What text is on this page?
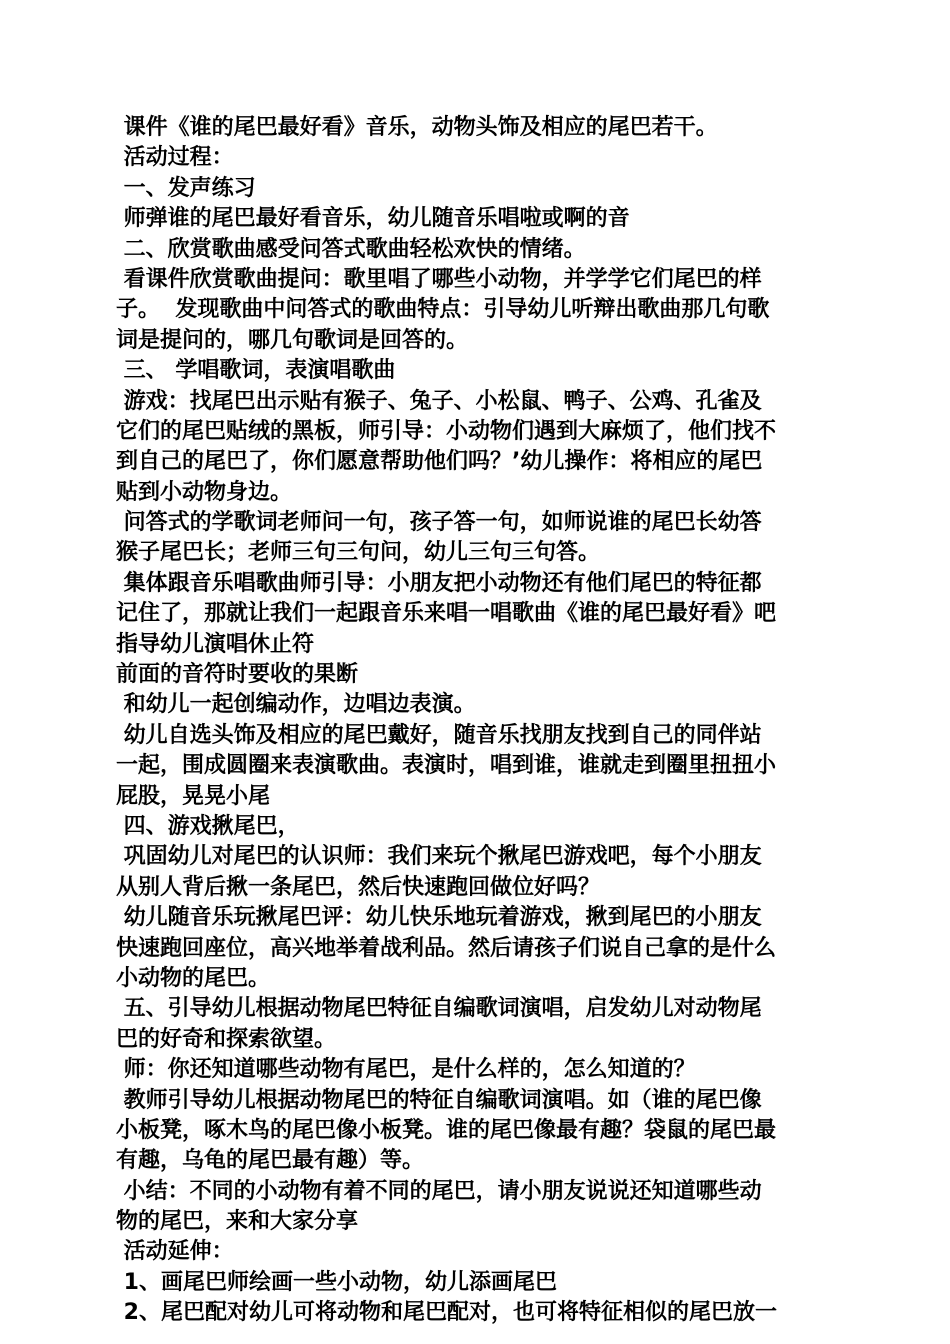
课件《谁的尾巴最好看》音乐，动物头饰及相应的尾巴若干。
活动过程：
一、发声练习
师弹谁的尾巴最好看音乐，幼儿随音乐唱啦或啊的音
二、欣赏歌曲感受问答式歌曲轻松欢快的情绪。
看课件欣赏歌曲提问：歌里唱了哪些小动物，并学学它们尾巴的样
子。  发现歌曲中问答式的歌曲特点：引导幼儿听辩出歌曲那几句歌
词是提问的，哪几句歌词是回答的。
三、 学唱歌词，表演唱歌曲
游戏：找尾巴出示贴有猴子、兔子、小松鼠、鸭子、公鸡、孔雀及
它们的尾巴贴绒的黑板，师引导：小动物们遇到大麻烦了，他们找不
到自己的尾巴了，你们愿意帮助他们吗？’幼儿操作：将相应的尾巴
贴到小动物身边。
问答式的学歌词老师问一句，孩子答一句，如师说谁的尾巴长幼答
猴子尾巴长；老师三句三句问，幼儿三句三句答。
集体跟音乐唱歌曲师引导：小朋友把小动物还有他们尾巴的特征都
记住了，那就让我们一起跟音乐来唱一唱歌曲《谁的尾巴最好看》吧
指导幼儿演唱休止符
前面的音符时要收的果断
和幼儿一起创编动作，边唱边表演。
幼儿自选头饰及相应的尾巴戴好，随音乐找朋友找到自己的同伴站
一起，围成圆圈来表演歌曲。表演时，唱到谁，谁就走到圈里扭扭小
屁股，晃晃小尾
四、游戏揪尾巴，
巩固幼儿对尾巴的认识师：我们来玩个揪尾巴游戏吧，每个小朋友
从别人背后揪一条尾巴，然后快速跑回做位好吗？
幼儿随音乐玩揪尾巴评：幼儿快乐地玩着游戏，揪到尾巴的小朋友
快速跑回座位，高兴地举着战利品。然后请孩子们说自己拿的是什么
小动物的尾巴。
五、引导幼儿根据动物尾巴特征自编歌词演唱，启发幼儿对动物尾
巴的好奇和探索欲望。
师：你还知道哪些动物有尾巴，是什么样的，怎么知道的？
教师引导幼儿根据动物尾巴的特征自编歌词演唱。如（谁的尾巴像
小板凳，啄木鸟的尾巴像小板凳。谁的尾巴像最有趣？袋鼠的尾巴最
有趣，乌龟的尾巴最有趣）等。
小结：不同的小动物有着不同的尾巴，请小朋友说说还知道哪些动
物的尾巴，来和大家分享
活动延伸：
1、画尾巴师绘画一些小动物，幼儿添画尾巴
2、尾巴配对幼儿可将动物和尾巴配对，也可将特征相似的尾巴放一
